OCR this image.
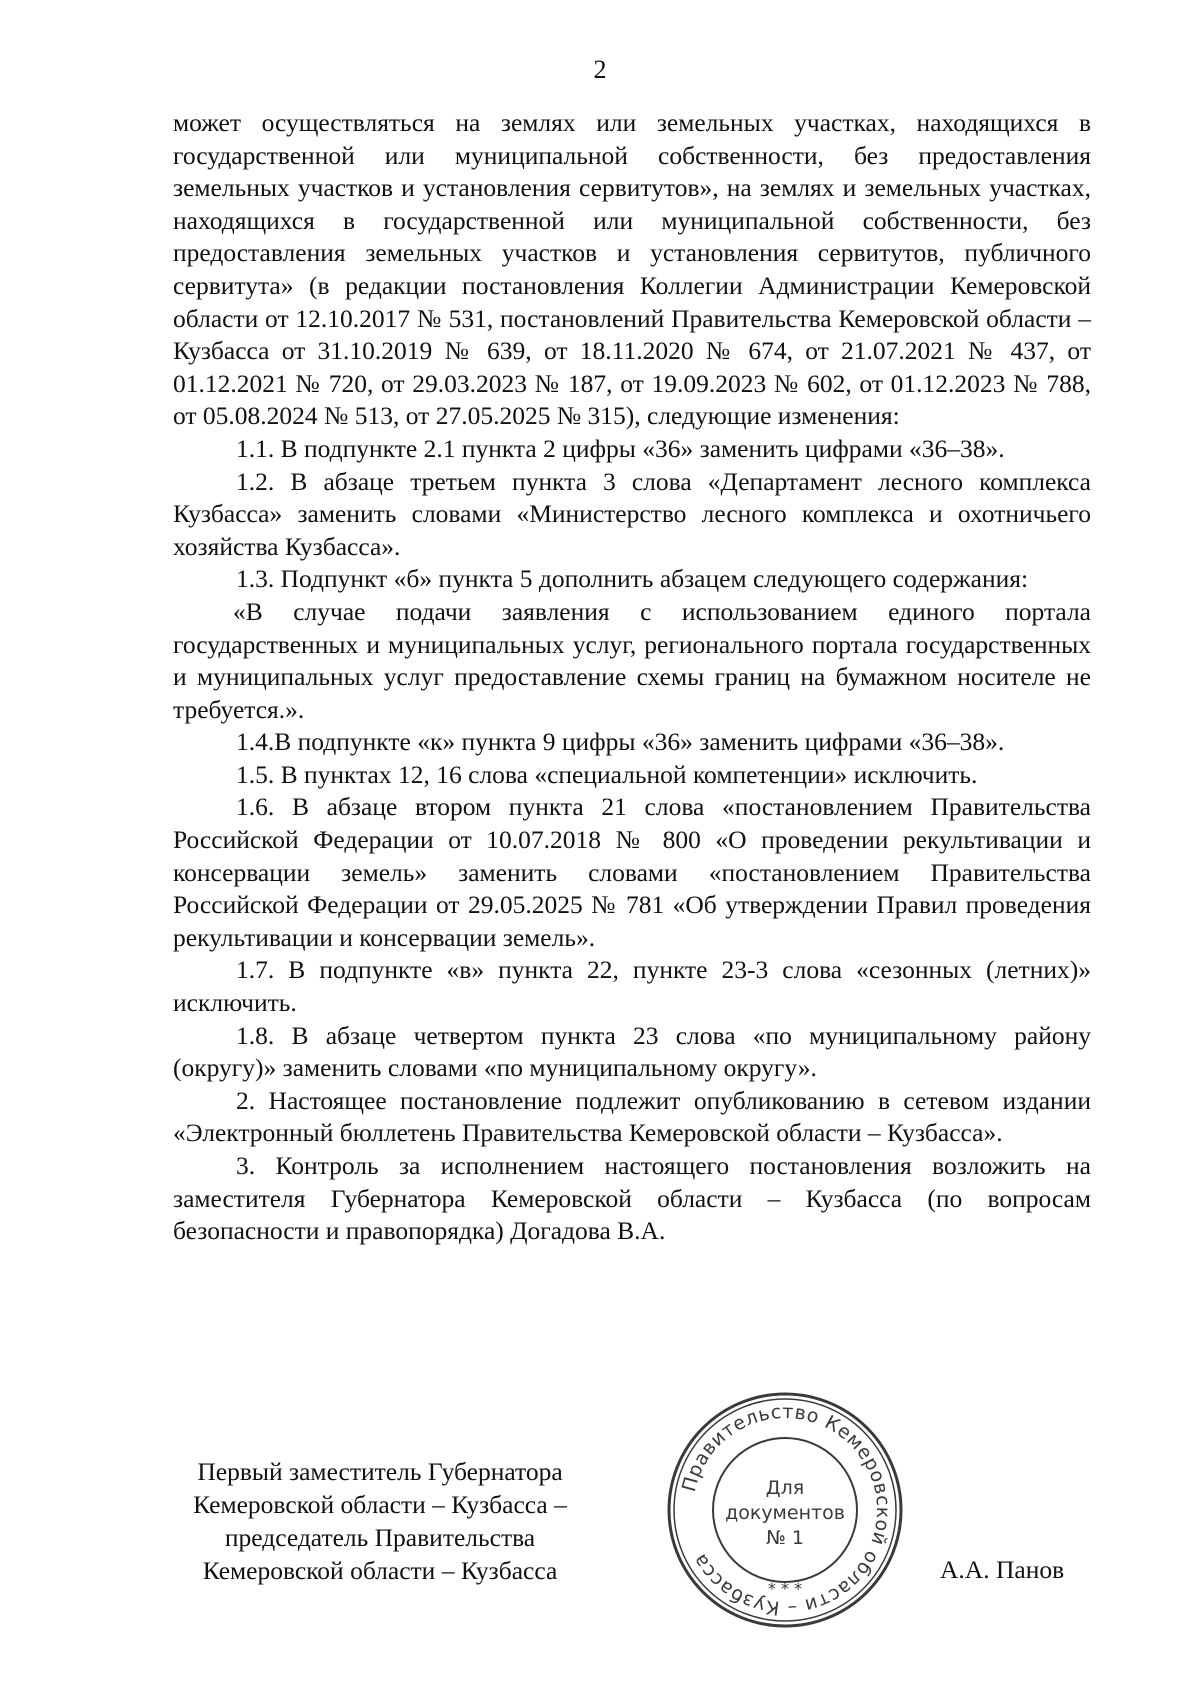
2

может осуществляться на землях или земельных участках, находящихся в государственной или муниципальной собственности, без предоставления земельных участков и установления сервитутов», на землях и земельных участках, находящихся в государственной или муниципальной собственности, без предоставления земельных участков и установления сервитутов, публичного сервитута» (в редакции постановления Коллегии Администрации Кемеровской области от 12.10.2017 № 531, постановлений Правительства Кемеровской области – Кузбасса от 31.10.2019 № 639, от 18.11.2020 № 674, от 21.07.2021 № 437, от 01.12.2021 № 720, от 29.03.2023 № 187, от 19.09.2023 № 602, от 01.12.2023 № 788, от 05.08.2024 № 513, от 27.05.2025 № 315), следующие изменения:

1.1. В подпункте 2.1 пункта 2 цифры «36» заменить цифрами «36–38».

1.2. В абзаце третьем пункта 3 слова «Департамент лесного комплекса Кузбасса» заменить словами «Министерство лесного комплекса и охотничьего хозяйства Кузбасса».

1.3. Подпункт «б» пункта 5 дополнить абзацем следующего содержания:

«В случае подачи заявления с использованием единого портала государственных и муниципальных услуг, регионального портала государственных и муниципальных услуг предоставление схемы границ на бумажном носителе не требуется.».

1.4.В подпункте «к» пункта 9 цифры «36» заменить цифрами «36–38».

1.5. В пунктах 12, 16 слова «специальной компетенции» исключить.

1.6. В абзаце втором пункта 21 слова «постановлением Правительства Российской Федерации от 10.07.2018 № 800 «О проведении рекультивации и консервации земель» заменить словами «постановлением Правительства Российской Федерации от 29.05.2025 № 781 «Об утверждении Правил проведения рекультивации и консервации земель».

1.7. В подпункте «в» пункта 22, пункте 23-3 слова «сезонных (летних)» исключить.

1.8. В абзаце четвертом пункта 23 слова «по муниципальному району (округу)» заменить словами «по муниципальному округу».

2. Настоящее постановление подлежит опубликованию в сетевом издании «Электронный бюллетень Правительства Кемеровской области – Кузбасса».

3. Контроль за исполнением настоящего постановления возложить на заместителя Губернатора Кемеровской области – Кузбасса (по вопросам безопасности и правопорядка) Догадова В.А.

Первый заместитель Губернатора
Кемеровской области – Кузбасса –
председатель Правительства
Кемеровской области – Кузбасса
Правительство Кемеровской области – Кузбасса
* * *
Для
документов
№ 1
А.А. Панов
